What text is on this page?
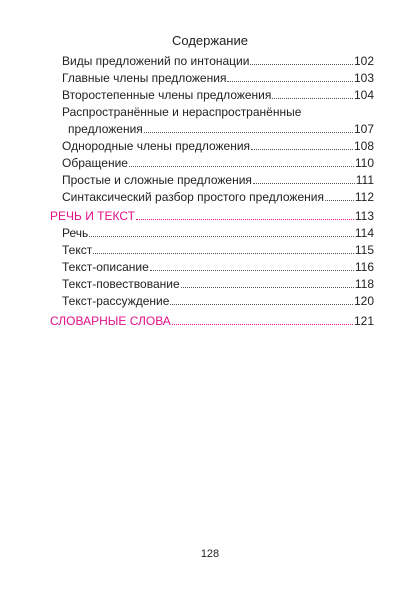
Содержание
Виды предложений по интонации	102
Главные члены предложения	103
Второстепенные члены предложения	104
Распространённые и нераспространённые
предложения	107
Однородные члены предложения	108
Обращение	110
Простые и сложные предложения	111
Синтаксический разбор простого предложения	112
РЕЧЬ И ТЕКСТ	113
Речь	114
Текст	115
Текст-описание	116
Текст-повествование	118
Текст-рассуждение	120
СЛОВАРНЫЕ СЛОВА	121
128
